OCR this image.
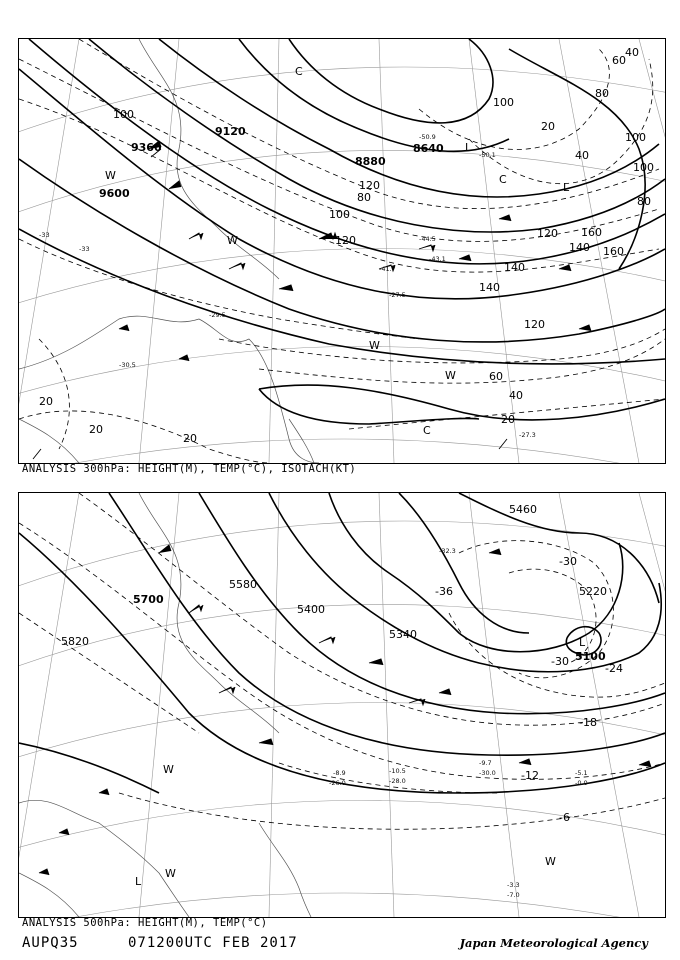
-27.3
-33
-30.5
-33
-27.5
-29.5
-41.7
-43.1
-44.5
-50.9
-50.1
9600
9360
9120
8880
8640
100
120
140
120
100
80
60
40
20
20
20
20
40
60
80
100
140 160
160
140
120
100
120
100
80
40
20
L
L
C
C
C
W
W
W
W
ANALYSIS 300hPa: HEIGHT(M), TEMP(°C), ISOTACH(KT)
-3.3
-7.0
-10.5
-28.0
-8.9
-26.0
-5.1
-0.0
-9.7
-30.0
-32.3
5700
5820
5460
5220
5100
5580
5400
5340
-36
-30
-30
-24
-18
-12
-6
L
L
W
W
W
ANALYSIS 500hPa: HEIGHT(M), TEMP(°C)
AUPQ35	071200UTC FEB 2017	Japan Meteorological Agency
